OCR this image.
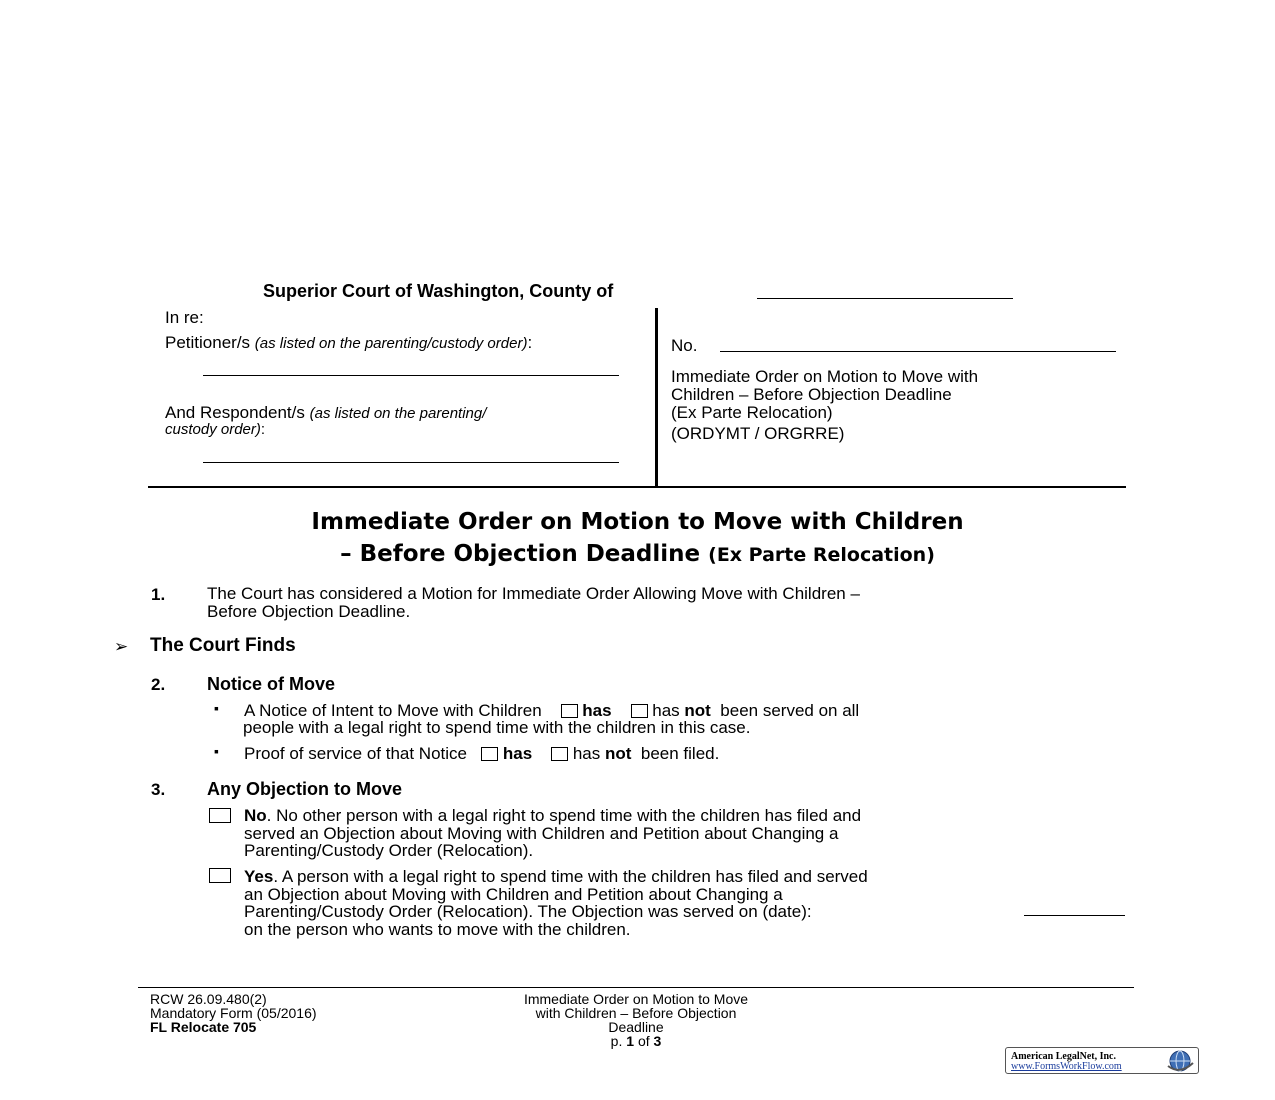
Superior Court of Washington, County of
In re:
Petitioner/s (as listed on the parenting/custody order):
And Respondent/s (as listed on the parenting/
custody order):
No.
Immediate Order on Motion to Move with
Children – Before Objection Deadline
(Ex Parte Relocation)
(ORDYMT / ORGRRE)
Immediate Order on Motion to Move with Children
– Before Objection Deadline (Ex Parte Relocation)
1. The Court has considered a Motion for Immediate Order Allowing Move with Children –
Before Objection Deadline.
➢ The Court Finds
2. Notice of Move
▪ A Notice of Intent to Move with Children has has not been served on all
people with a legal right to spend time with the children in this case.
▪ Proof of service of that Notice has has not been filed.
3. Any Objection to Move
No. No other person with a legal right to spend time with the children has filed and
served an Objection about Moving with Children and Petition about Changing a
Parenting/Custody Order (Relocation).
Yes. A person with a legal right to spend time with the children has filed and served
an Objection about Moving with Children and Petition about Changing a
Parenting/Custody Order (Relocation). The Objection was served on (date):
on the person who wants to move with the children.
RCW 26.09.480(2)
Mandatory Form (05/2016)
FL Relocate 705
Immediate Order on Motion to Move
with Children – Before Objection
Deadline
p. 1 of 3
American LegalNet, Inc.
www.FormsWorkFlow.com
